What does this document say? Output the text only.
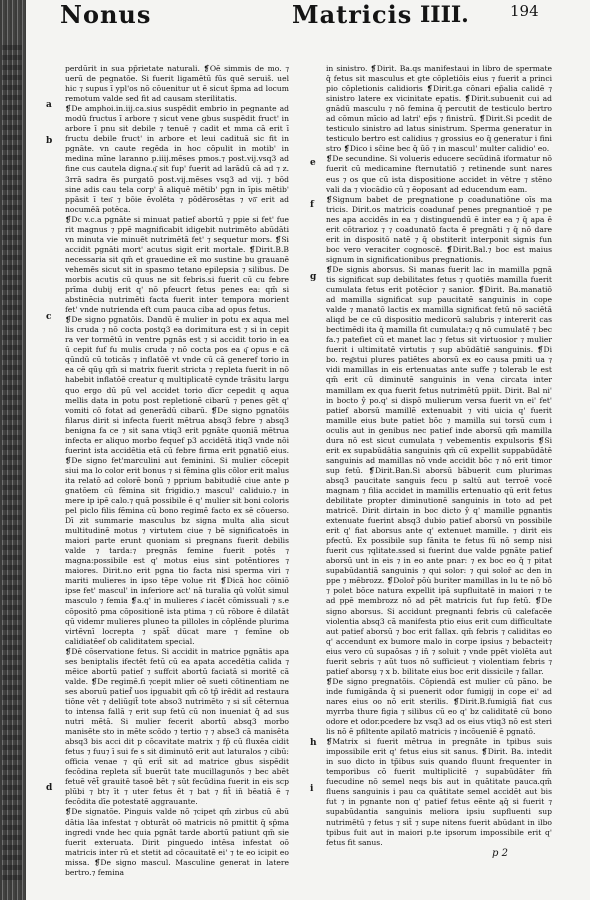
Nonus	Matricis IIII.	194
a
b
c
d
e
f
g
h
i

perdūrit in sua pp̄rietate naturali. ❡Oē simmis de mo. ⁊ uerū de pegnatōe. Si fuerit ligamētū fūs quē seruiš. uel hic ⁊ supus ī ypl'os nō cōuenitur ut ē sicut s̄pma ad locum remotum valde sed fit ad causam sterilitatis.

❡De amphoi.in.iij.ca.sius suspēdit embrio in pegnante ad modū fructus ī arbore ⁊ sicut vene gbus suspēdit fruct' in arbore ī pnu sit debile ⁊ tenuē ⁊ cadit et mma cā erit ī fructu debile fruct' in arbore et leui cadituā sic fit in pgnāte. vn caute regēda in hoc cōpulit in motib' in medina mīne laranno p.iiij.mēses pmos.⁊ post.vij.vsq3 ad fine cus cautela digna.q͂ sit fup' fuerit ad larādū cā ad ⁊ z. 3rrā sadra ēs purgatō post.vij.mēses vsq3 ad vij. ⁊ bōd sine adis cau tela corp' ā aliquē mētib' pgn in īpis mētib' ppāsit ī ten͂ ⁊ bōie ēvolēta ⁊ pōdērosētas ⁊ vō͂ erit ad nocumēā potēca.

❡Dc v.c.a pgnāte si minuat patief abortū ⁊ ppie si fet' fue rit magnus ⁊ ppē magnificabit idigebit nutrimēto abūdāti vn minuta vie minuēt nutrimētā fet' ⁊ sequetur mors. ❡Si accidit pgnāti mort' acutus sigit erit mortale. ❡Dirit.B.B necessaria sit qm̄ et grauedine ex̄ mo sustine bu grauanē vehemēs sicut sit in spasmo tetano epilepsia ⁊ silibus. De morbis acutis cū quus ne sit febris.si fuerit cū cu febre prīma dubij erit q' nō pfeucrt fetus penes ea: qm̄ si abstinēcia nutrimēti facta fuerit inter tempora morient fet' vnde nutrienda eft cum pauca ciba ad opus fetus.

❡De signo pgnatōis. Dandū ē mulier in potu ex aqua mel lis cruda ⁊ nō cocta postq3 ea dorimitura est ⁊ si in cepit ra ver tormētū in ventre pgnās est ⁊ si accidit torio in ea ū cepit fuf fu mulis cruda ⁊ nō cocta pos ea q͂ opus e cā qūndū cū toticās ⁊ inflatōē vt vnde cū cā generef torio in ea cē qūu̯ qm̄ si matrix fuerit stricta ⁊ repleta fuerit in nō habebit inflatōē creatur q multiplicatē cynde trāsitu largu quo ergo dū pū vel accidet torio dīcr cepedit q aqua mellis data in potu post repletionē cibarū ⁊ penes gēt q' vomiti cō fotat ad generādū cibarū. ❡De signo pgnatōis filarus dirit si infecta fuerit mētrua absq3 febre ⁊ absq3 benigna fa ce ⁊ sit sana vtiq3 erit pgnāte quoniā mētrua infecta er aliquo morbo fequef p3 accidētā itiq3 vnde nōi fuerint ista accidētia etā cū febre firma erit pgnatiō eius. ❡De signo fet'marculini aut feminini. Si mulier cōcepit siui ma lo color erit bonus ⁊ si fēmina glis cōlor erit malus ita relatō ad colorē bonū ⁊ pprium babitudiē ciue ante p gnatōem cū fēmina sit frigidio.⁊ mascul' caliduio.⁊ in mere ip ipē calo.⁊ quā possibile ē q' mulier sit boni coloris pel piclo filis fēmina cū bono regimē facto ex sē cōuerso. Dī zit summarie masculus bz signa multa alia sicut multitudinē motus ⁊ virtutem ciue ⁊ bē significatoēs in maiori parte erunt quoniam si pregnans fuerit debilis valde ⁊ tarda:⁊ pregnās femine fuerit potēs ⁊ magna:possibile est q' motus eius sint potēntiores ⁊ maiores. Dirit.no erit pgna tio facta nisi sperma viri ⁊ mariti mulieres in ipso tēpe volue rit ❡Dicā hoc cōiniō ipse fet' mascul' in inferiore act' nā turalia qū volūt simul masculo ⁊ femia ❡a.q' in mulieres s͂ iacēt cōmissuali ⁊ s.e cōpositō pma cōpositionē ista ptima ⁊ cū rōbore ē dilatāt qū videmr mulieres pluneo ta pilloles in cōplēnde plurima virtēvnī locrepta ⁊ spāt̄ dūcat mare ⁊ femīne ob calidiatēef ob caliditatem special.

❡Dē cōservatione fetus. Si accidit in matrice pgnātis apa ses beniptalis ifectēt fetū cū ea apata accedētia calida ⁊ mēice abortū patief ⁊ suffcit abortū faciatā si moritē cā valde. ❡De regimē.fi ⁊cepit mlier oē sueti cōtinentiam ne ses aboruū patief̄ uos ipguabit qm̄ cō tp̄ irēdit ad restaura tiōne vēt ⁊ deliūgit̄ tote abso3 nutrimēto ⁊ si sit̄ cēternua to intensa fallā ⁊ erit sup fetū cū non inueniat q̄ ad sus nutri mētā. Si mulier fecerit abortū absq3 morbo manisēte sto in mēte scōdo ⁊ tertio ⁊ ⁊ abse3 cā manisēta absq3 bis acci dit p cōcavitate matrix ⁊ fp̄ cū fluxēa cidit fetus ⁊ fuu⁊ ī sui fe s sit diminutō erit aut laturalos ⁊ cibū: officia venae ⁊ qū erit̄ sit ad matrice gbus sispēdit fecōdina repleta sit̄ buerūt tate mucillagunōs ⁊ bec abēt fetuē vēt̄ grauitē tasoē bēt ⁊ sūt fecūdina fuerit in eis scp plūbi ⁊ bt⁊ īt ⁊ uter fetus ēt ⁊ bat ⁊ fit̄ in̄ bēatiā ē ⁊ fecōdita dīe potestatē aggrauante.

❡De signatōe. Pinguis valde nō ⁊cipet qm̄ zirbus cū abū dātia lāa infestat ⁊ obturāt oō matricis nō pmittit q̄ sp̄ma ingredi vnde hec quia pgnāt tarde abortū patiunt qm̄ sie fuerit exteruata. Dirit pinguedo intēsa infestat oō matricis inter rū et stetit ad cōcauitatē ei' ⁊ te eo icipit eo missa. ❡De signo mascul. Masculine generat in latere bertro.⁊ femina

in sinistro. ❡Dirit. Ba.qs manifestaui in libro de spermate q̄ fetus sit masculus et gte cōpletiōis eius ⁊ fuerit a princi pio cōpletionis calidioris ❡Dirit.ga cōnari ep̄alia calidē ⁊ sinistro latere ex vicinitate epatis. ❡Dirit.subuenit cui ad gnādū masculu ⁊ nō femina q̄ percutit de testiculo bertro ad cōmun mīcio ad latri' ep̄s ⁊ finistrū. ❡Dirit.Si pcedit de testiculo sinistro ad latus sinistrum. Sperma generatur in testiculo bertro est calidius ⁊ grossius eo q̄ generatur i fini stro ❡Dico i sc̄ine bec q̄ ūō ⁊ in mascul' multer calidio' eo.

❡De secundine. Si volueris educere secūdinā iformatur nō fuerit cū medicamine fternutatiō ⁊ retinende sunt nares eus ⁊ os que cū ista dispositione accidet in vētre ⁊ stēno vali da ⁊ viocādio cū ⁊ ēoposant ad educendum eam.

❡Signum babet de pregnatione p coadunatiōne oīs ma tricis. Dirit.os matricis coadunaf penes pregnantioē ⁊ pe nes apa accidēs in ea ⁊ distinguendū ē inter ea ⁊ q̄ apa ē erit cōtrarioz ⁊ ⁊ coadunatō facta ē pregnāti ⁊ q̄ nō dare erit in dispositō natē ⁊ q̄ obstiterit interponit signis fun boc vero veraciter cognoscē. ❡Dirit.Bal.⁊ boc est maius signum in significationibus pregnationis.

❡De signis aborsus. Si manas fuerit lac in mamilla pgnā tis significat sup debilitates fetus ⁊ quotiēs mamilla fuerit cumulata fetus erit potēcior ⁊ sanior. ❡Dirit. Ba.manatiō ad mamilla significat sup paucitatē sanguinis in cope valde ⁊ manatō lactis ex mamilla significat fetū nō saciētā aliqd be ce cū dispositio medicorū salubris ⁊ intererit cas bectimēdi ita q̄ mamilla fit cumulata:⁊ q nō cumulatē ⁊ bec fa.⁊ patefiet cū et manet lac ⁊ fetus sit virtuosior ⁊ mulier fuerit i ultimitatē virtutis ⁊ sup abūdātiē sanguinis. ❡Di bo. reg͂stui plures patiētes aborsū ex eo causa pmiti ua ⁊ vidi mamillas in eis ertenuatas ante suffe ⁊ tolerab le est qm̄ erit cū diminutē sanguinis in vena circata inter mamillam ex qua fuerit fetus nutrimētū ppiit. Dirit. Bal ni' in bocto ŷ po.q' si dispō mulierum versa fuerit vn ei' fet' patief aborsū mamillē extenuabit ⁊ viti uicia q' fuerit mamille eius bute patiet bōc ⁊ mamilla sui torsū cum i oculis aut in genibus nec patief inde aborsū qm̄ mamilla dura nō est sicut cumulata ⁊ vebementis expulsoris ❡Si erit ex supabūdātia sanguinis qm̄ cū expellit suppabūdātē sanguinis ad mamillas nō vnde accidit bōc ⁊ nō erit timor sup fetū. ❡Dirit.Ban.Si aborsū bābuerit cum plurimas absq3 paucitate sanguis fecu p saltū aut terroē vocē magnam ⁊ filia accidet in mamillis ertenuatio qū erit fetus debilitate propter diminutionē sanguinis in toto ad pet matricē. Dirit dirtain in boc dicto ŷ q' mamille pgnantis extenuate fuerint absq3 dubio patief aborsū vn possibile erit q' fiat aborsus ante q' extenuet mamille. ⁊ dirit eis pfectū. Ex possibile sup fānita te fetus fū nō semp nisi fuerit cus ⁊qlitate.ssed si fuerint due valde pgnāte patief aborsū unt in eis ⁊ in eo ante pnar: ⁊ ex boc eo q̄ ⁊ pitat supabūdantiā sanguinis ⁊ qui solor: ⁊ qui solor̄ ac den in ppe ⁊ mēbrozz. ❡Dolor̄ pōu̇ buriter mamillas in lu te nō bō ⁊ polet bōce natura expellit ipā supfluitatē in maiori ⁊ te ad ppē membrozz nō ad pēt matricis fut fup fetū. ❡De signo aborsus. Si accidunt pregnanti febris cū calefacēe violentia absq3 cā manifesta ptio eius erit cum difficultate aut patief aborsū ⁊ boc erit fallax. qm̄ febris ⁊ caliditas eo q' accendunt ex bumore malo in corpe ipsius ⁊ bebacteit⁊ eius vero cū supaōsas ⁊ in̄ ⁊ soluit ⁊ vnde ppēt violēta aut fuerit sebris ⁊ aūt tuos nō sufficieut ⁊ violentiam febris ⁊ patief aborsu̯ ⁊ x b. bilitate eius boc erit dissicile ⁊ fallar.

❡De signo pregnatōis. Cōpiendā est mulier cū pāno. be inde fumigānda q̄ si puenerit odor fumigij in cope ei' ad nares eius oo nō erit sterilis. ❡Dirit.B.fumigiā fiat cus myrrba thure figia ⁊ silibus cū eo q' bz caliditatē cū bono odore et odor.pcedere bz vsq3 ad os eius vtiq3 nō est steri lis nō ē pfiltente apilatō matricis ⁊ incōueniē ē pgnatō.

❡Matrix si fuerit mētrua in pregnāte in tpibus suis impossibile erit q' fetus eius sit sanus. ❡Dirit. Ba. intedit in suo dicto in tp̄ibus suis quando fluunt frequenter in temporibus cō fuerit multiplicitē ⁊ supabūdāter fm̄ fuecudine nō semel neqs bis aut in quātitate pauca.qm̄ fluens sanguinis i pau ca quātitate semel accidēt aut bis fut ⁊ in pgnante non q' patief fetus eēnte ąq̄ si fuerit ⁊ supabūdantia sanguinis meliora ipsiu supfluenti sup nutrimētū ⁊ fetus ⁊ sit̄ ⁊ supe nitens fuerit abūdant in ilbo tpibus fuit aut in maiori p.te ipsorum impossibile erit q' fetus fit sanus.

p 2
